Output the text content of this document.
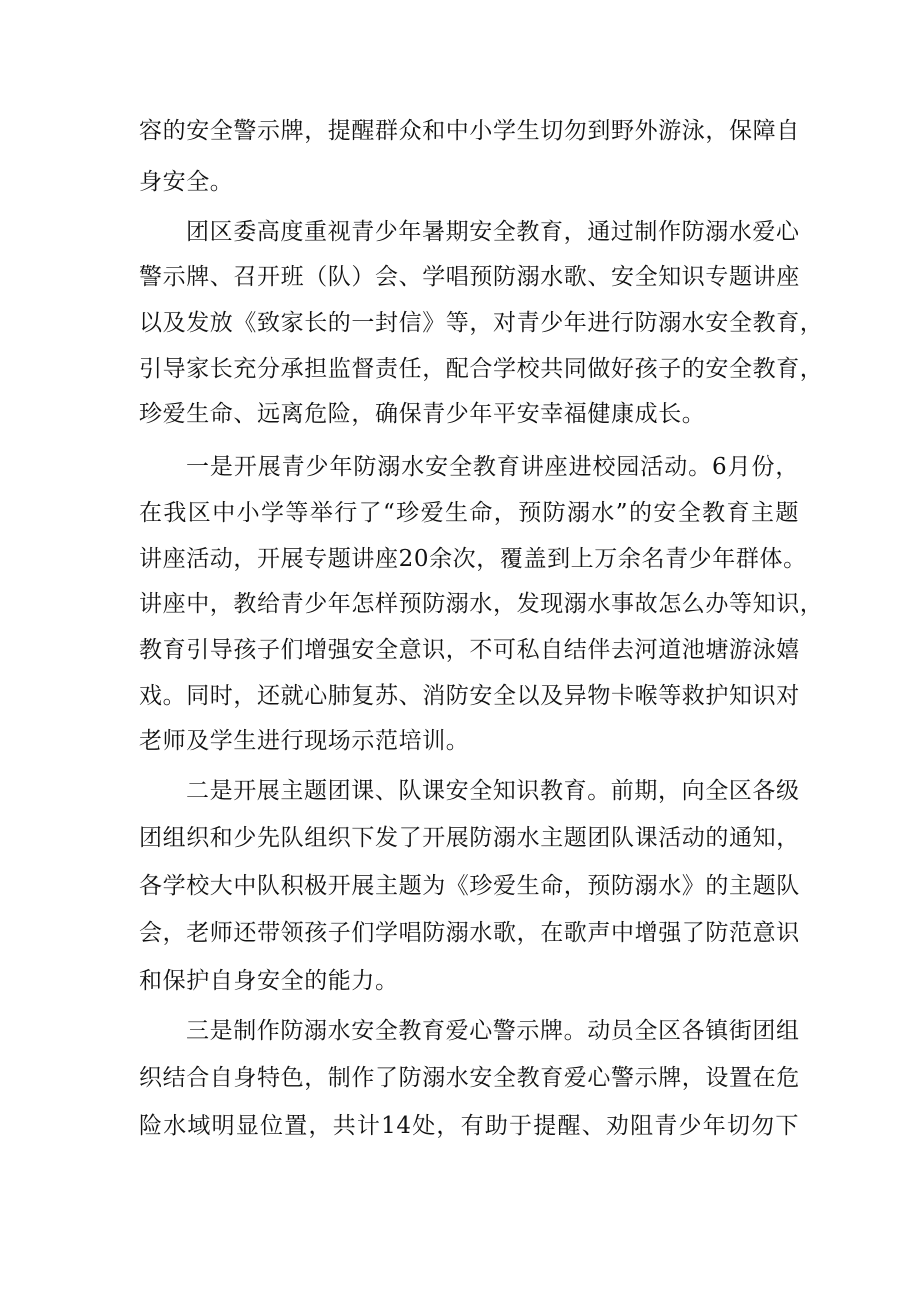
容的安全警示牌，提醒群众和中小学生切勿到野外游泳，保障自
身安全。
团区委高度重视青少年暑期安全教育，通过制作防溺水爱心
警示牌、召开班（队）会、学唱预防溺水歌、安全知识专题讲座
以及发放《致家长的一封信》等，对青少年进行防溺水安全教育，
引导家长充分承担监督责任，配合学校共同做好孩子的安全教育，
珍爱生命、远离危险，确保青少年平安幸福健康成长。
一是开展青少年防溺水安全教育讲座进校园活动。6月份，
在我区中小学等举行了“珍爱生命，预防溺水”的安全教育主题
讲座活动，开展专题讲座20余次，覆盖到上万余名青少年群体。
讲座中，教给青少年怎样预防溺水，发现溺水事故怎么办等知识，
教育引导孩子们增强安全意识，不可私自结伴去河道池塘游泳嬉
戏。同时，还就心肺复苏、消防安全以及异物卡喉等救护知识对
老师及学生进行现场示范培训。
二是开展主题团课、队课安全知识教育。前期，向全区各级
团组织和少先队组织下发了开展防溺水主题团队课活动的通知，
各学校大中队积极开展主题为《珍爱生命，预防溺水》的主题队
会，老师还带领孩子们学唱防溺水歌，在歌声中增强了防范意识
和保护自身安全的能力。
三是制作防溺水安全教育爱心警示牌。动员全区各镇街团组
织结合自身特色，制作了防溺水安全教育爱心警示牌，设置在危
险水域明显位置，共计14处，有助于提醒、劝阻青少年切勿下
